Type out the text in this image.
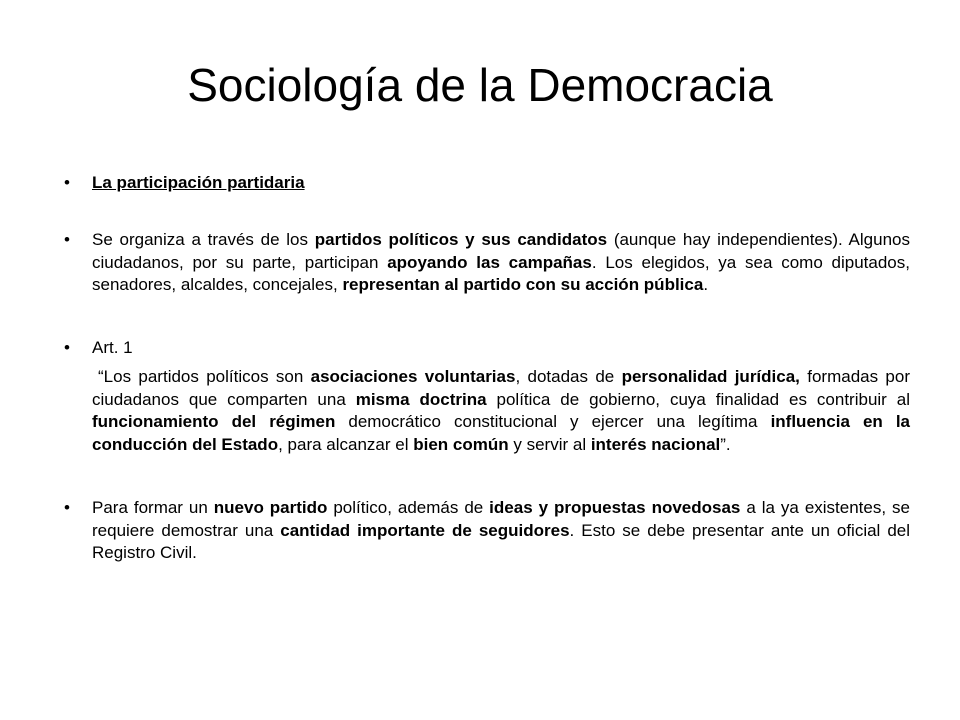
Sociología de la Democracia
• La participación partidaria
• Se organiza a través de los partidos políticos y sus candidatos (aunque hay independientes). Algunos ciudadanos, por su parte, participan apoyando las campañas. Los elegidos, ya sea como diputados, senadores, alcaldes, concejales, representan al partido con su acción pública.
• Art. 1
“Los partidos políticos son asociaciones voluntarias, dotadas de personalidad jurídica, formadas por ciudadanos que comparten una misma doctrina política de gobierno, cuya finalidad es contribuir al funcionamiento del régimen democrático constitucional y ejercer una legítima influencia en la conducción del Estado, para alcanzar el bien común y servir al interés nacional”.
• Para formar un nuevo partido político, además de ideas y propuestas novedosas a la ya existentes, se requiere demostrar una cantidad importante de seguidores. Esto se debe presentar ante un oficial del Registro Civil.
